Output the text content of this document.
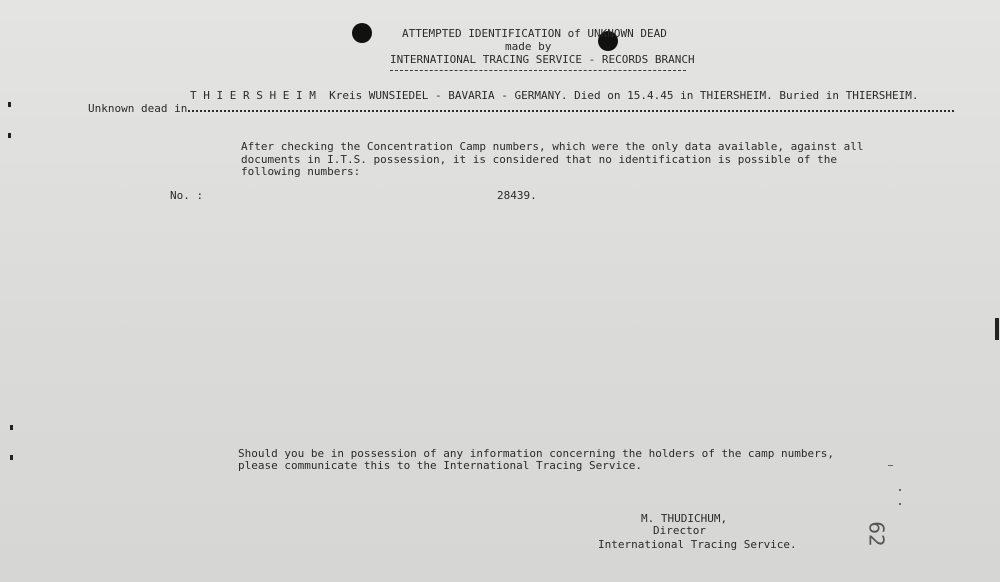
ATTEMPTED IDENTIFICATION of UNKNOWN DEAD
made by
INTERNATIONAL TRACING SERVICE - RECORDS BRANCH
T H I E R S H E I M  Kreis WUNSIEDEL - BAVARIA - GERMANY. Died on 15.4.45 in THIERSHEIM. Buried in THIERSHEIM.
Unknown dead in
After checking the Concentration Camp numbers, which were the only data available, against all
documents in I.T.S. possession, it is considered that no identification is possible of the
following numbers:
No. :	28439.
Should you be in possession of any information concerning the holders of the camp numbers,
please communicate this to the International Tracing Service.
M. THUDICHUM,
Director
International Tracing Service.	62
